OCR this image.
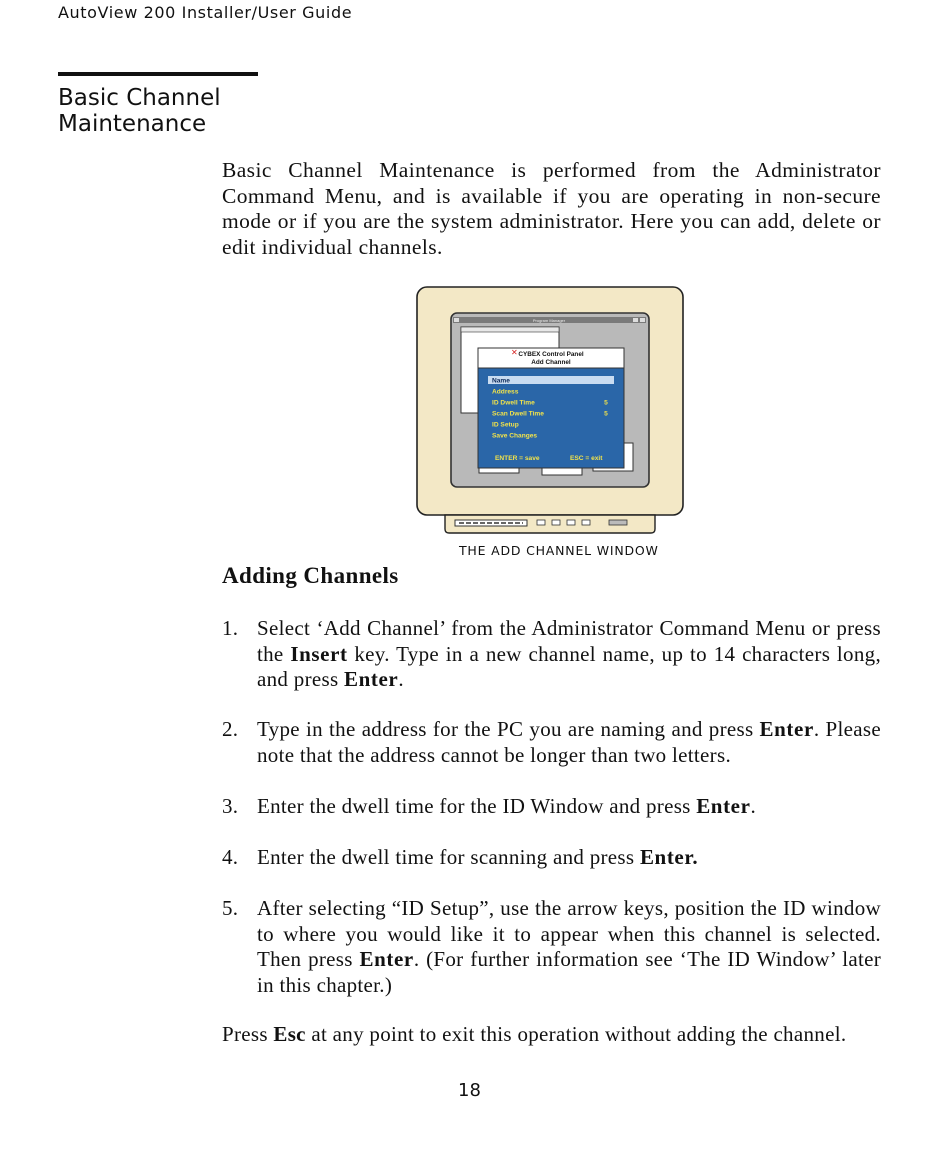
AutoView 200 Installer/User Guide
Basic Channel
Maintenance

Basic Channel Maintenance is performed from the Administrator Command Menu, and is available if you are operating in non-secure mode or if you are the system administrator. Here you can add, delete or edit individual channels.

Program Manager
✕ CYBEX Control Panel
Add Channel
Name
Address
ID Dwell Time	5
Scan Dwell Time	5
ID Setup
Save Changes
ENTER = save	ESC = exit
THE ADD CHANNEL WINDOW
Adding Channels
1. Select ‘Add Channel’ from the Administrator Command Menu or press the Insert key. Type in a new channel name, up to 14 characters long, and press Enter.
2. Type in the address for the PC you are naming and press Enter. Please note that the address cannot be longer than two letters.
3. Enter the dwell time for the ID Window and press Enter.
4. Enter the dwell time for scanning and press Enter.
5. After selecting “ID Setup”, use the arrow keys, position the ID window to where you would like it to appear when this channel is selected. Then press Enter. (For further information see ‘The ID Window’ later in this chapter.)

Press Esc at any point to exit this operation without adding the channel.

18
